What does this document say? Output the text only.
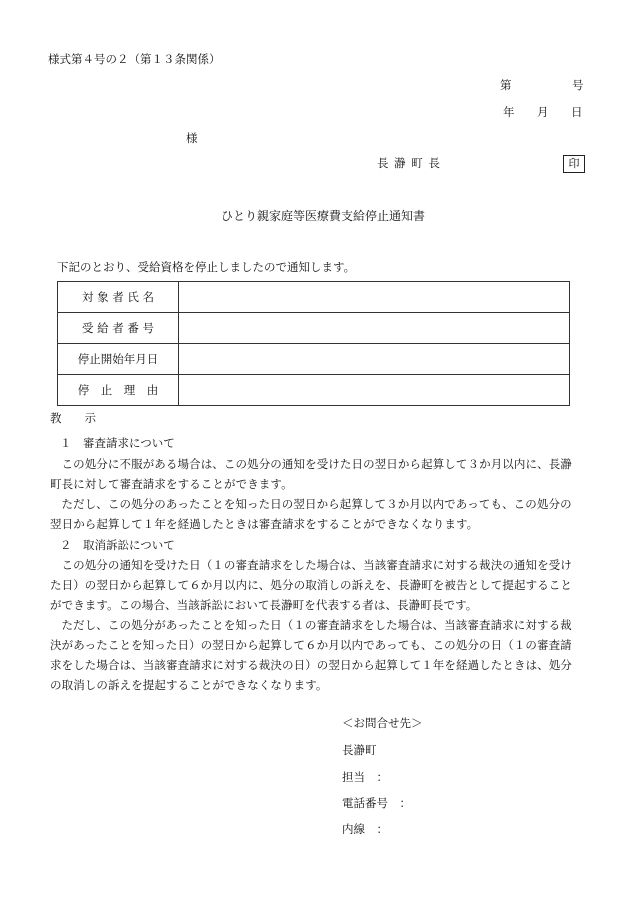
様式第４号の２（第１３条関係）
第	号
年 月 日
様
長 瀞 町 長	印
ひとり親家庭等医療費支給停止通知書
下記のとおり、受給資格を停止しましたので通知します。
対 象 者 氏 名	
受 給 者 番 号	
停止開始年月日	
停　止　理　由	
教　　示
１　審査請求について
この処分に不服がある場合は、この処分の通知を受けた日の翌日から起算して３か月以内に、長瀞町長に対して審査請求をすることができます。
ただし、この処分のあったことを知った日の翌日から起算して３か月以内であっても、この処分の翌日から起算して１年を経過したときは審査請求をすることができなくなります。
２　取消訴訟について
この処分の通知を受けた日（１の審査請求をした場合は、当該審査請求に対する裁決の通知を受けた日）の翌日から起算して６か月以内に、処分の取消しの訴えを、長瀞町を被告として提起することができます。この場合、当該訴訟において長瀞町を代表する者は、長瀞町長です。
ただし、この処分があったことを知った日（１の審査請求をした場合は、当該審査請求に対する裁決があったことを知った日）の翌日から起算して６か月以内であっても、この処分の日（１の審査請求をした場合は、当該審査請求に対する裁決の日）の翌日から起算して１年を経過したときは、処分の取消しの訴えを提起することができなくなります。
＜お問合せ先＞
長瀞町
担当　：
電話番号　：
内線　：
